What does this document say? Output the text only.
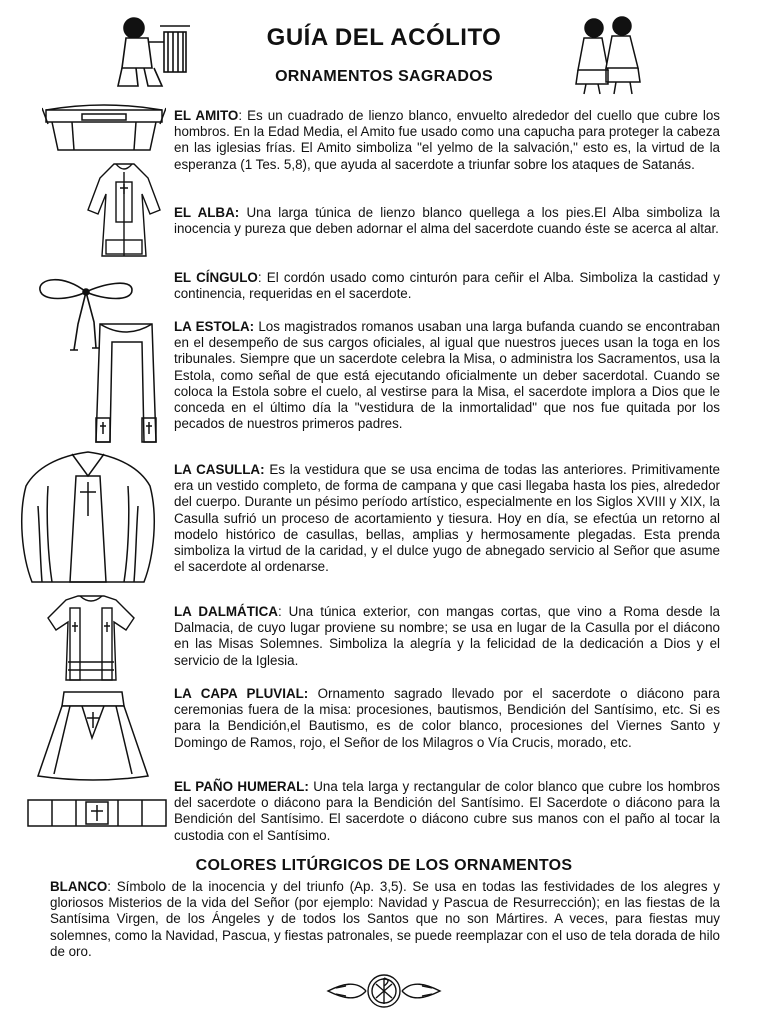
GUÍA DEL ACÓLITO
ORNAMENTOS SAGRADOS
EL AMITO: Es un cuadrado de lienzo blanco, envuelto alrededor del cuello que cubre los hombros. En la Edad Media, el Amito fue usado como una capucha para proteger la cabeza en las iglesias frías. El Amito simboliza "el yelmo de la salvación," esto es, la virtud de la esperanza (1 Tes. 5,8), que ayuda al sacerdote a triunfar sobre los ataques de Satanás.
EL ALBA: Una larga túnica de lienzo blanco quellega a los pies.El Alba simboliza la inocencia y pureza que deben adornar el alma del sacerdote cuando éste se acerca al altar.
EL CÍNGULO: El cordón usado como cinturón para ceñir el Alba. Simboliza la castidad y continencia, requeridas en el sacerdote.
LA ESTOLA: Los magistrados romanos usaban una larga bufanda cuando se encontraban en el desempeño de sus cargos oficiales, al igual que nuestros jueces usan la toga en los tribunales. Siempre que un sacerdote celebra la Misa, o administra los Sacramentos, usa la Estola, como señal de que está ejecutando oficialmente un deber sacerdotal. Cuando se coloca la Estola sobre el cuelo, al vestirse para la Misa, el sacerdote implora a Dios que le conceda en el último día la "vestidura de la inmortalidad" que nos fue quitada por los pecados de nuestros primeros padres.
LA CASULLA: Es la vestidura que se usa encima de todas las anteriores. Primitivamente era un vestido completo, de forma de campana y que casi llegaba hasta los pies, alrededor del cuerpo. Durante un pésimo período artístico, especialmente en los Siglos XVIII y XIX, la Casulla sufrió un proceso de acortamiento y tiesura. Hoy en día, se efectúa un retorno al modelo histórico de casullas, bellas, amplias y hermosamente plegadas. Esta prenda simboliza la virtud de la caridad, y el dulce yugo de abnegado servicio al Señor que asume el sacerdote al ordenarse.
LA DALMÁTICA: Una túnica exterior, con mangas cortas, que vino a Roma desde la Dalmacia, de cuyo lugar proviene su nombre; se usa en lugar de la Casulla por el diácono en las Misas Solemnes. Simboliza la alegría y la felicidad de la dedicación a Dios y el servicio de la Iglesia.
LA CAPA PLUVIAL: Ornamento sagrado llevado por el sacerdote o diácono para ceremonias fuera de la misa: procesiones, bautismos, Bendición del Santísimo, etc. Si es para la Bendición,el Bautismo, es de color blanco, procesiones del Viernes Santo y Domingo de Ramos, rojo, el Señor de los Milagros o Vía Crucis, morado, etc.
EL PAÑO HUMERAL: Una tela larga y rectangular de color blanco que cubre los hombros del sacerdote o diácono para la Bendición del Santísimo. El Sacerdote o diácono para la Bendición del Santísimo. El sacerdote o diácono cubre sus manos con el paño al tocar la custodia con el Santísimo.
COLORES LITÚRGICOS DE LOS ORNAMENTOS
BLANCO: Símbolo de la inocencia y del triunfo (Ap. 3,5). Se usa en todas las festividades de los alegres y gloriosos Misterios de la vida del Señor (por ejemplo: Navidad y Pascua de Resurrección); en las fiestas de la Santísima Virgen, de los Ángeles y de todos los Santos que no son Mártires. A veces, para fiestas muy solemnes, como la Navidad, Pascua, y fiestas patronales, se puede reemplazar con el uso de tela dorada de hilo de oro.
